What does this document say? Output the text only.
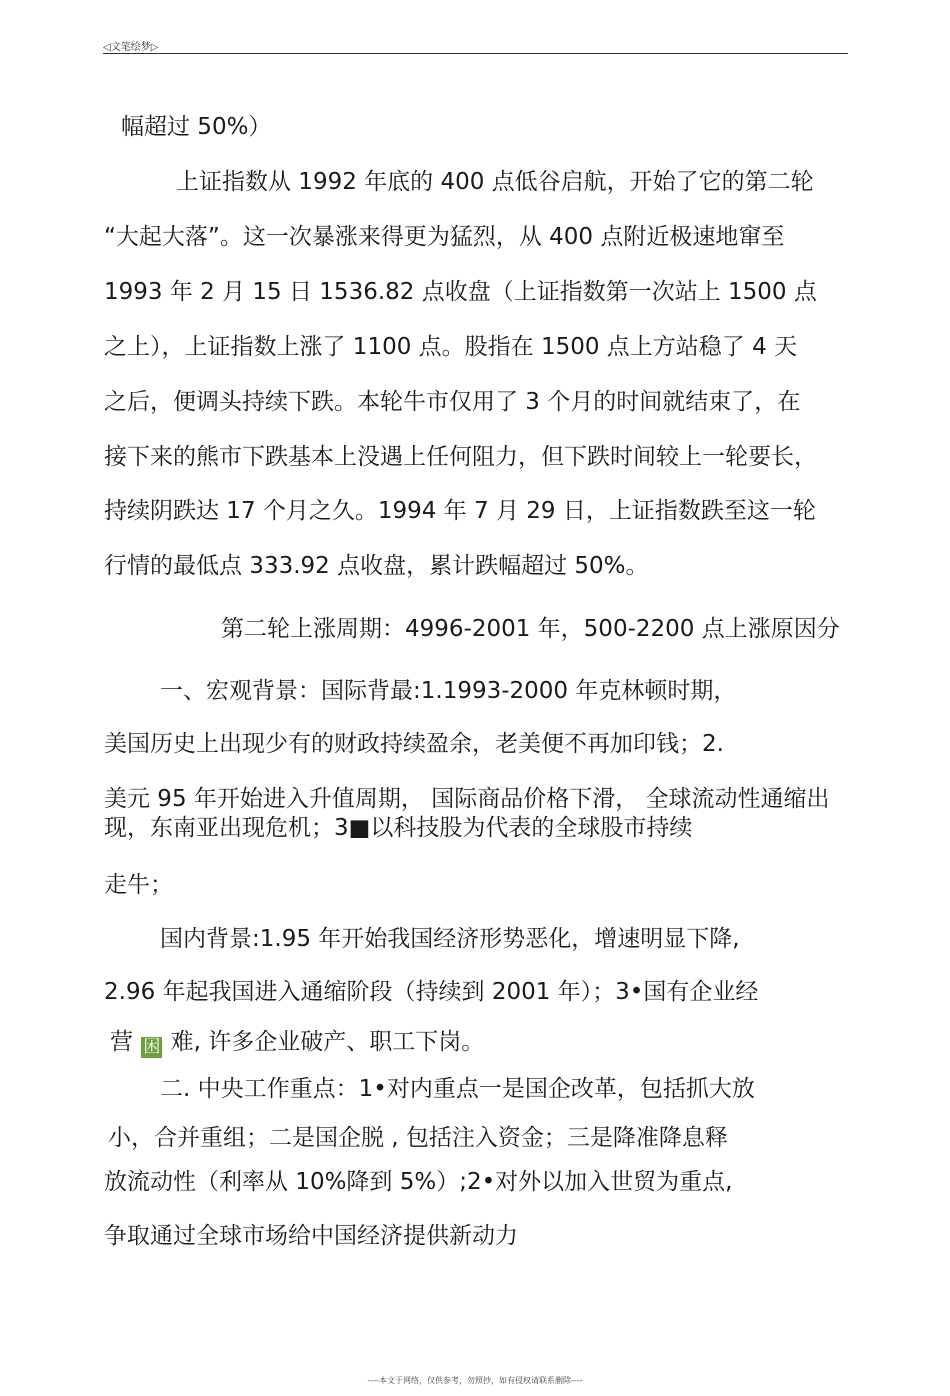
◁文笔绘梦▷
幅超过 50%）
上证指数从 1992 年底的 400 点低谷启航，开始了它的第二轮
“大起大落”。这一次暴涨来得更为猛烈，从 400 点附近极速地窜至
1993 年 2 月 15 日 1536.82 点收盘（上证指数第一次站上 1500 点
之上），上证指数上涨了 1100 点。股指在 1500 点上方站稳了 4 天
之后，便调头持续下跌。本轮牛市仅用了 3 个月的时间就结束了，在
接下来的熊市下跌基本上没遇上任何阻力，但下跌时间较上一轮要长，
持续阴跌达 17 个月之久。1994 年 7 月 29 日，上证指数跌至这一轮
行情的最低点 333.92 点收盘，累计跌幅超过 50%。
第二轮上涨周期：4996-2001 年，500-2200 点上涨原因分
一、宏观背景：国际背最:1.1993-2000 年克林顿时期，
美国历史上出现少有的财政持续盈余，老美便不再加印钱；2.
美元 95 年开始进入升值周期， 国际商品价格下滑， 全球流动性通缩出
现，东南亚出现危机；3■以科技股为代表的全球股市持续
走牛；
国内背景:1.95 年开始我国经济形势恶化，增速明显下降,
2.96 年起我国进入通缩阶段（持续到 2001 年）；3•国有企业经
营 困 难, 许多企业破产、职工下岗。
二. 中央工作重点：1•对内重点一是国企改革，包括抓大放
小，合并重组；二是国企脱 , 包括注入资金；三是降准降息释
放流动性（利率从 10%降到 5%）;2•对外以加入世贸为重点,
争取通过全球市场给中国经济提供新动力
----本文于网络，仅供参考，勿照抄，如有侵权请联系删除----
